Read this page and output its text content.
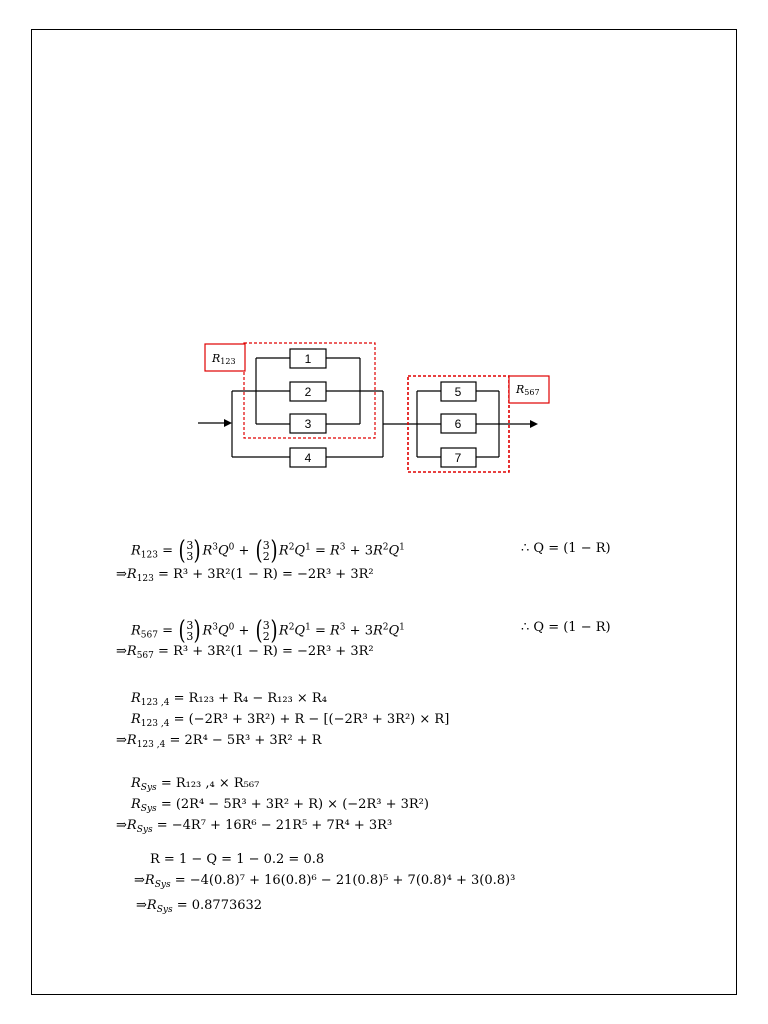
R123
R567
1
2
3
4
5
6
7
$R_{123}$ = ( 3
3 ) $R^3Q^0$ + ( 3
2 ) $R^2Q^1 = R^3 + 3R^2Q^1$	∴ Q = (1 − R)
$\Rightarrow R_{123} = R^3 + 3R^2(1 - R) = -2R^3 + 3R^2$
$R_{567}$ = ( 3
3 ) $R^3Q^0$ + ( 3
2 ) $R^2Q^1 = R^3 + 3R^2Q^1$	∴ Q = (1 − R)
$\Rightarrow R_{567} = R^3 + 3R^2(1 - R) = -2R^3 + 3R^2$
$R_{123 ,4} = R_{123} + R_4 - R_{123} \times R_4$
$R_{123 ,4} = (-2R^3 + 3R^2) + R - [(-2R^3 + 3R^2) \times R]$
$\Rightarrow R_{123 ,4} = 2R^4 - 5R^3 + 3R^2 + R$
$R_{Sys} = R_{123}$ ,₄ × R₅₆₇
$R_{Sys} = (2R^4 - 5R^3 + 3R^2 + R) \times (-2R^3 + 3R^2)$
$\Rightarrow R_{Sys} = -4R^7 + 16R^6 - 21R^5 + 7R^4 + 3R^3$
R = 1 − Q = 1 − 0.2 = 0.8
$\Rightarrow R_{Sys} = -4(0.8)^7 + 16(0.8)^6 - 21(0.8)^5 + 7(0.8)^4 + 3(0.8)^3$
$\Rightarrow R_{Sys} = 0.8773632$
